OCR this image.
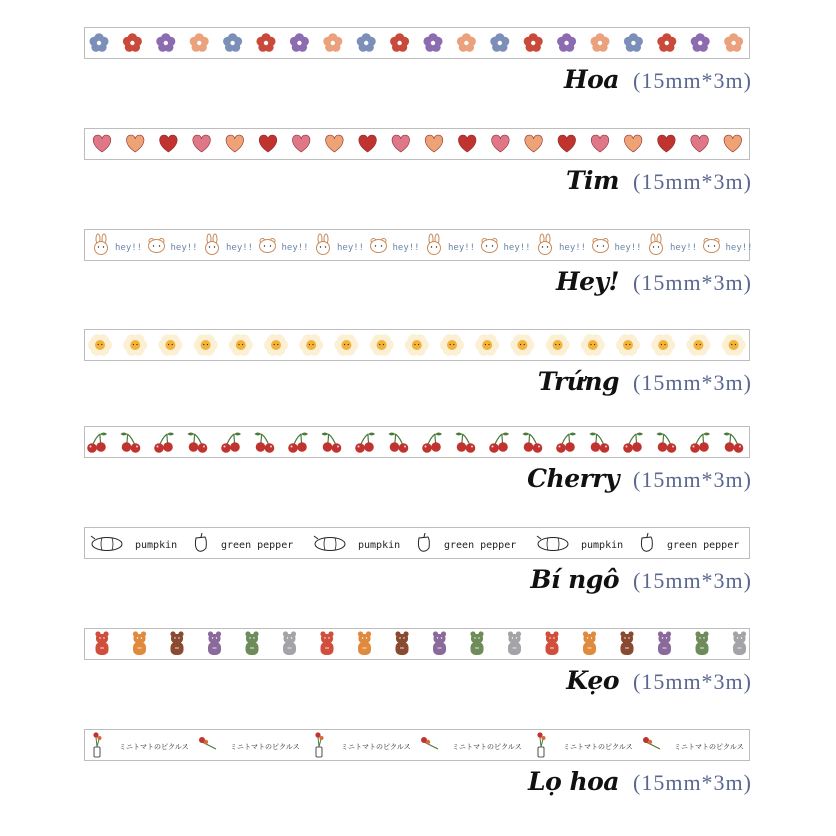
Hoa (15mm*3m)
Tim (15mm*3m)
hey!!	hey!!	hey!!	hey!!	hey!!	hey!!	hey!!	hey!!	hey!!	hey!!	hey!!	hey!!
Hey! (15mm*3m)
Trứng (15mm*3m)
Cherry (15mm*3m)
pumpkin	green pepper	pumpkin	green pepper	pumpkin	green pepper
Bí ngô (15mm*3m)
Kẹo (15mm*3m)
ミニトマトのピクルス	ミニトマトのピクルス	ミニトマトのピクルス	ミニトマトのピクルス	ミニトマトのピクルス	ミニトマトのピクルス
Lọ hoa (15mm*3m)
